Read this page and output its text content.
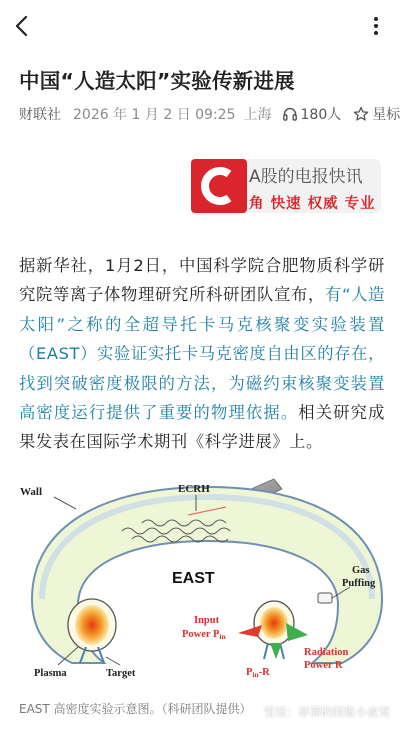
中国“人造太阳”实验传新进展
财联社 2026 年 1 月 2 日 09:25 上海 180人 星标
A股的电报快讯
角 快速 权威 专业
据新华社，1月2日，中国科学院合肥物质科学研究院等离子体物理研究所科研团队宣布，有“人造太阳”之称的全超导托卡马克核聚变实验装置（EAST）实验证实托卡马克密度自由区的存在，找到突破密度极限的方法，为磁约束核聚变装置高密度运行提供了重要的物理依据。相关研究成果发表在国际学术期刊《科学进展》上。
Wall	ECRH
EAST	Gas
Puffing
Input
Power Pin
Radiation
Power R
Pin-R
Plasma	Target
EAST 高密度实验示意图。（科研团队提供） 雪球：草莽的回报小夜莺
